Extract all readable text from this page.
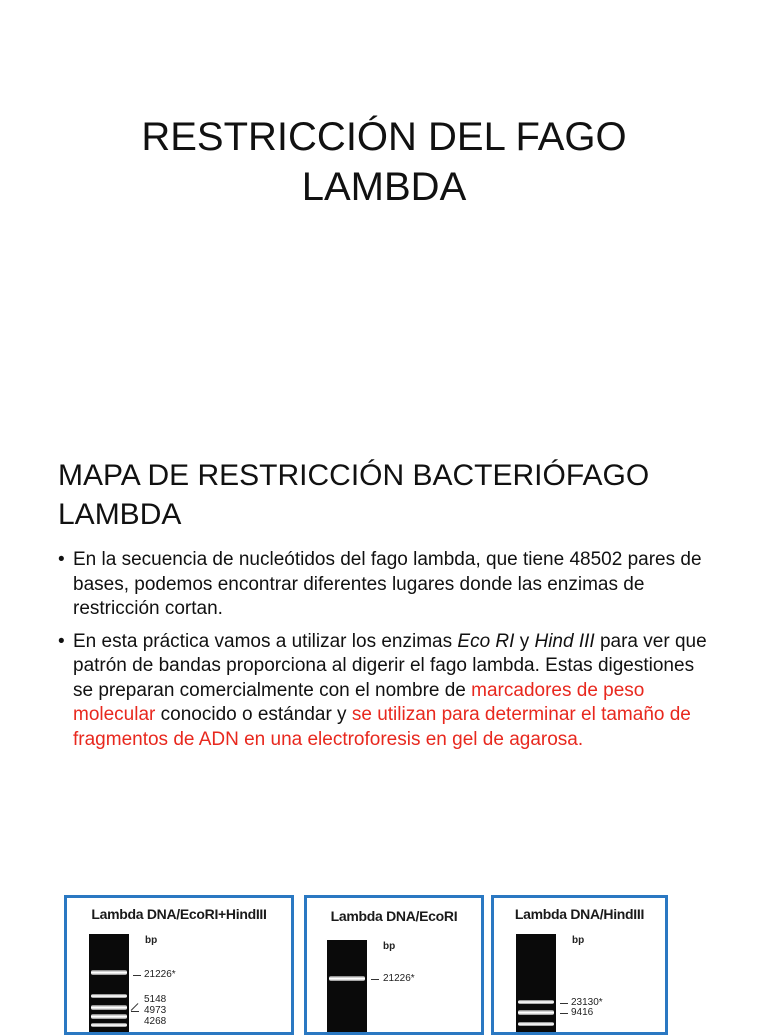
RESTRICCIÓN DEL FAGO
LAMBDA
MAPA DE RESTRICCIÓN BACTERIÓFAGO
LAMBDA
• En la secuencia de nucleótidos del fago lambda, que tiene 48502 pares de bases, podemos encontrar diferentes lugares donde las enzimas de restricción cortan.
• En esta práctica vamos a utilizar los enzimas Eco RI y Hind III para ver que patrón de bandas proporciona al digerir el fago lambda. Estas digestiones se preparan comercialmente con el nombre de marcadores de peso molecular conocido o estándar y se utilizan para determinar el tamaño de fragmentos de ADN en una electroforesis en gel de agarosa.
Lambda DNA/EcoRI+HindIII
bp
21226*
5148
4973
4268
Lambda DNA/EcoRI
bp
21226*
Lambda DNA/HindIII
bp
23130*
9416
